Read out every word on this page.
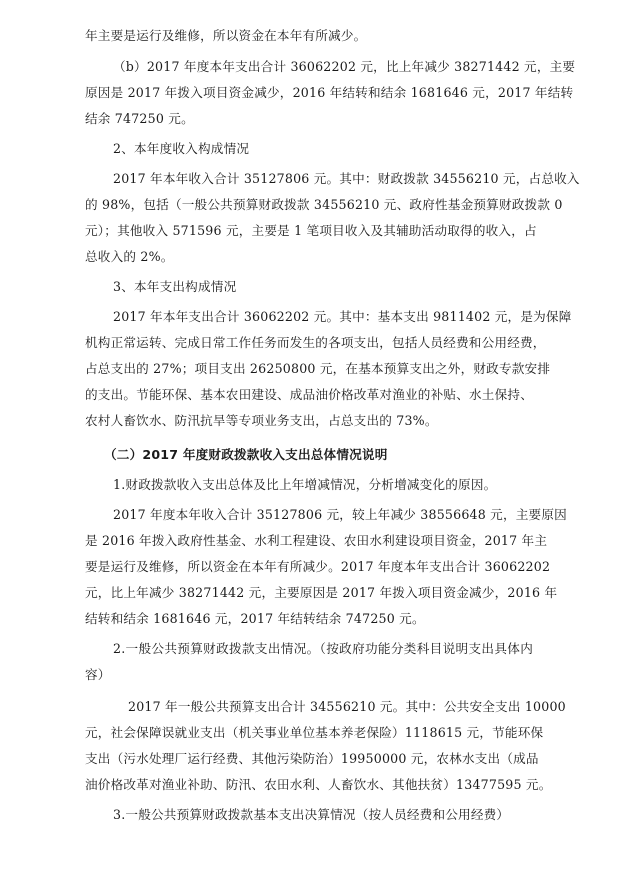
年主要是运行及维修，所以资金在本年有所减少。
（b）2017 年度本年支出合计 36062202 元，比上年减少 38271442 元，主要
原因是 2017 年拨入项目资金减少，2016 年结转和结余 1681646 元，2017 年结转
结余 747250 元。
2、本年度收入构成情况
2017 年本年收入合计 35127806 元。其中：财政拨款 34556210 元，占总收入
的 98%，包括（一般公共预算财政拨款 34556210 元、政府性基金预算财政拨款 0
元）；其他收入 571596 元，主要是 1 笔项目收入及其辅助活动取得的收入，占
总收入的 2%。
3、本年支出构成情况
2017 年本年支出合计 36062202 元。其中：基本支出 9811402 元，是为保障
机构正常运转、完成日常工作任务而发生的各项支出，包括人员经费和公用经费，
占总支出的 27%；项目支出 26250800 元，在基本预算支出之外，财政专款安排
的支出。节能环保、基本农田建设、成品油价格改革对渔业的补贴、水土保持、
农村人畜饮水、防汛抗旱等专项业务支出，占总支出的 73%。
（二）2017 年度财政拨款收入支出总体情况说明
1.财政拨款收入支出总体及比上年增减情况，分析增减变化的原因。
2017 年度本年收入合计 35127806 元，较上年减少 38556648 元，主要原因
是 2016 年拨入政府性基金、水利工程建设、农田水利建设项目资金，2017 年主
要是运行及维修，所以资金在本年有所减少。2017 年度本年支出合计 36062202
元，比上年减少 38271442 元，主要原因是 2017 年拨入项目资金减少，2016 年
结转和结余 1681646 元，2017 年结转结余 747250 元。
2.一般公共预算财政拨款支出情况。（按政府功能分类科目说明支出具体内
容）
2017 年一般公共预算支出合计 34556210 元。其中：公共安全支出 10000
元，社会保障误就业支出（机关事业单位基本养老保险）1118615 元，节能环保
支出（污水处理厂运行经费、其他污染防治）19950000 元，农林水支出（成品
油价格改革对渔业补助、防汛、农田水利、人畜饮水、其他扶贫）13477595 元。
3.一般公共预算财政拨款基本支出决算情况（按人员经费和公用经费）
